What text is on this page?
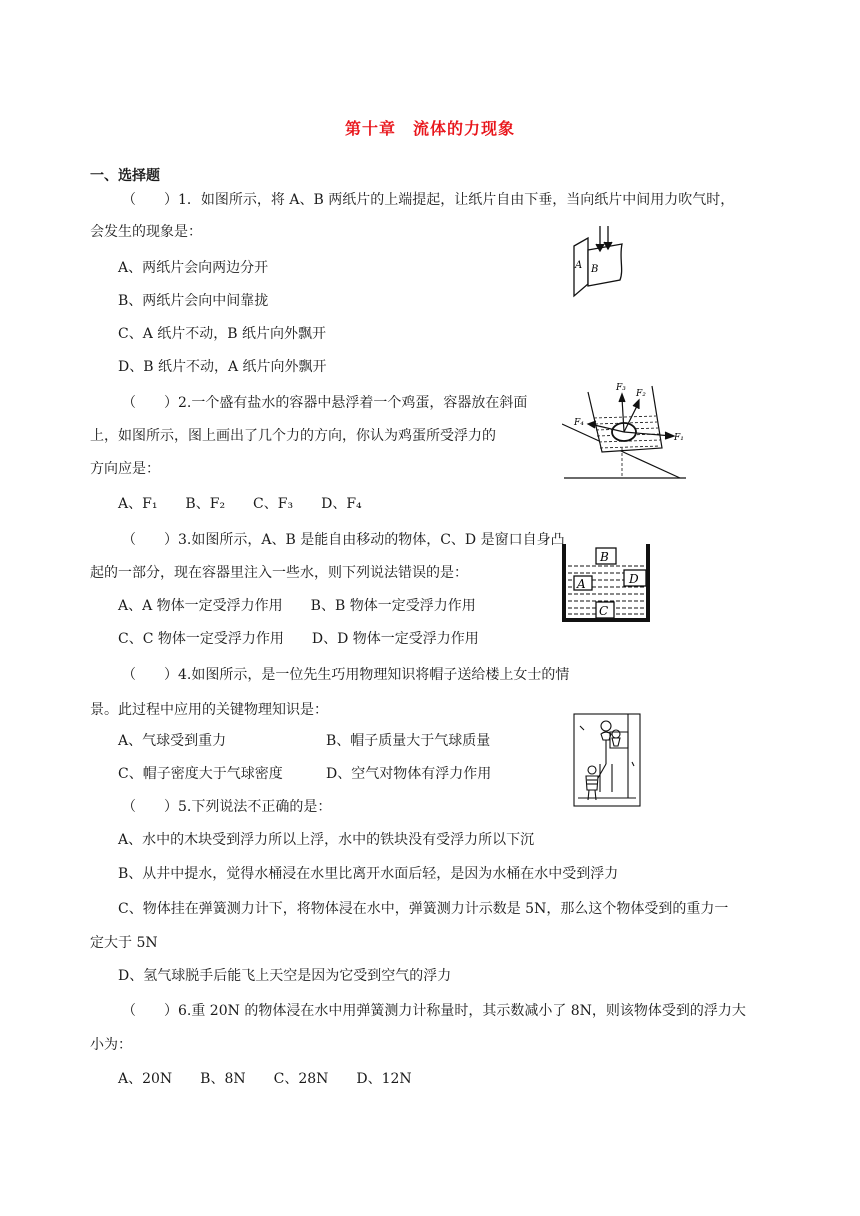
第十章　流体的力现象
一、选择题
（　　）1．如图所示，将 A、B 两纸片的上端提起，让纸片自由下垂，当向纸片中间用力吹气时，
会发生的现象是：
A、两纸片会向两边分开
B、两纸片会向中间靠拢
C、A 纸片不动，B 纸片向外飘开
D、B 纸片不动，A 纸片向外飘开
A B
（　　）2.一个盛有盐水的容器中悬浮着一个鸡蛋，容器放在斜面
上，如图所示，图上画出了几个力的方向，你认为鸡蛋所受浮力的
方向应是：
A、F₁　　B、F₂　　C、F₃　　D、F₄
F₃
F₂
F₁
F₄
（　　）3.如图所示，A、B 是能自由移动的物体，C、D 是窗口自身凸
起的一部分，现在容器里注入一些水，则下列说法错误的是：
A、A 物体一定受浮力作用　　B、B 物体一定受浮力作用
C、C 物体一定受浮力作用　　D、D 物体一定受浮力作用
B
A	D
C
（　　）4.如图所示，是一位先生巧用物理知识将帽子送给楼上女士的情
景。此过程中应用的关键物理知识是：
A、气球受到重力	B、帽子质量大于气球质量
C、帽子密度大于气球密度	D、空气对物体有浮力作用
（　　）5.下列说法不正确的是：
A、水中的木块受到浮力所以上浮，水中的铁块没有受浮力所以下沉
B、从井中提水，觉得水桶浸在水里比离开水面后轻，是因为水桶在水中受到浮力
C、物体挂在弹簧测力计下，将物体浸在水中，弹簧测力计示数是 5N，那么这个物体受到的重力一
定大于 5N
D、氢气球脱手后能飞上天空是因为它受到空气的浮力
（　　）6.重 20N 的物体浸在水中用弹簧测力计称量时，其示数减小了 8N，则该物体受到的浮力大
小为：
A、20N　　B、8N　　C、28N　　D、12N
